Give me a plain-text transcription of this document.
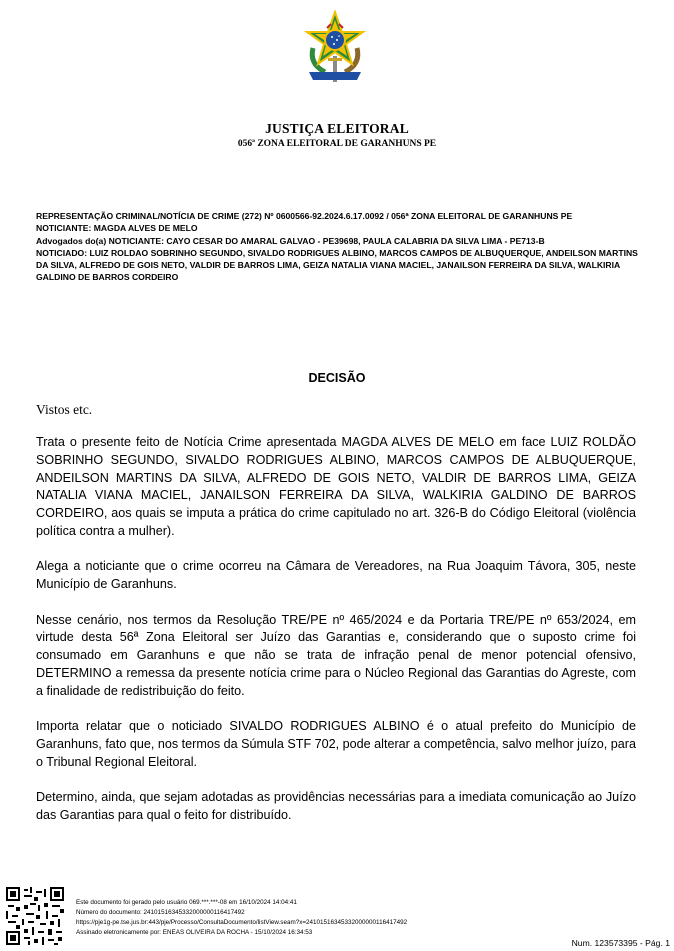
JUSTIÇA ELEITORAL
056ª ZONA ELEITORAL DE GARANHUNS PE

REPRESENTAÇÃO CRIMINAL/NOTÍCIA DE CRIME (272) Nº 0600566-92.2024.6.17.0092 / 056ª ZONA ELEITORAL DE GARANHUNS PE

NOTICIANTE: MAGDA ALVES DE MELO

Advogados do(a) NOTICIANTE: CAYO CESAR DO AMARAL GALVAO - PE39698, PAULA CALABRIA DA SILVA LIMA - PE713-B

NOTICIADO: LUIZ ROLDAO SOBRINHO SEGUNDO, SIVALDO RODRIGUES ALBINO, MARCOS CAMPOS DE ALBUQUERQUE, ANDEILSON MARTINS DA SILVA, ALFREDO DE GOIS NETO, VALDIR DE BARROS LIMA, GEIZA NATALIA VIANA MACIEL, JANAILSON FERREIRA DA SILVA, WALKIRIA GALDINO DE BARROS CORDEIRO

DECISÃO
Vistos etc.

Trata o presente feito de Notícia Crime apresentada MAGDA ALVES DE MELO em face LUIZ ROLDÃO SOBRINHO SEGUNDO, SIVALDO RODRIGUES ALBINO, MARCOS CAMPOS DE ALBUQUERQUE, ANDEILSON MARTINS DA SILVA, ALFREDO DE GOIS NETO, VALDIR DE BARROS LIMA, GEIZA NATALIA VIANA MACIEL, JANAILSON FERREIRA DA SILVA, WALKIRIA GALDINO DE BARROS CORDEIRO, aos quais se imputa a prática do crime capitulado no art. 326-B do Código Eleitoral (violência política contra a mulher).

Alega a noticiante que o crime ocorreu na Câmara de Vereadores, na Rua Joaquim Távora, 305, neste Município de Garanhuns.

Nesse cenário, nos termos da Resolução TRE/PE nº 465/2024 e da Portaria TRE/PE nº 653/2024, em virtude desta 56ª Zona Eleitoral ser Juízo das Garantias e, considerando que o suposto crime foi consumado em Garanhuns e que não se trata de infração penal de menor potencial ofensivo, DETERMINO a remessa da presente notícia crime para o Núcleo Regional das Garantias do Agreste, com a finalidade de redistribuição do feito.

Importa relatar que o noticiado SIVALDO RODRIGUES ALBINO é o atual prefeito do Município de Garanhuns, fato que, nos termos da Súmula STF 702, pode alterar a competência, salvo melhor juízo, para o Tribunal Regional Eleitoral.

Determino, ainda, que sejam adotadas as providências necessárias para a imediata comunicação ao Juízo das Garantias para qual o feito for distribuído.

Este documento foi gerado pelo usuário 069.***.***-08 em 16/10/2024 14:04:41
Número do documento: 24101516345332000000116417492
https://pje1g-pe.tse.jus.br:443/pje/Processo/ConsultaDocumento/listView.seam?x=24101516345332000000116417492
Assinado eletronicamente por: ENEAS OLIVEIRA DA ROCHA - 15/10/2024 16:34:53
Num. 123573395 - Pág. 1
